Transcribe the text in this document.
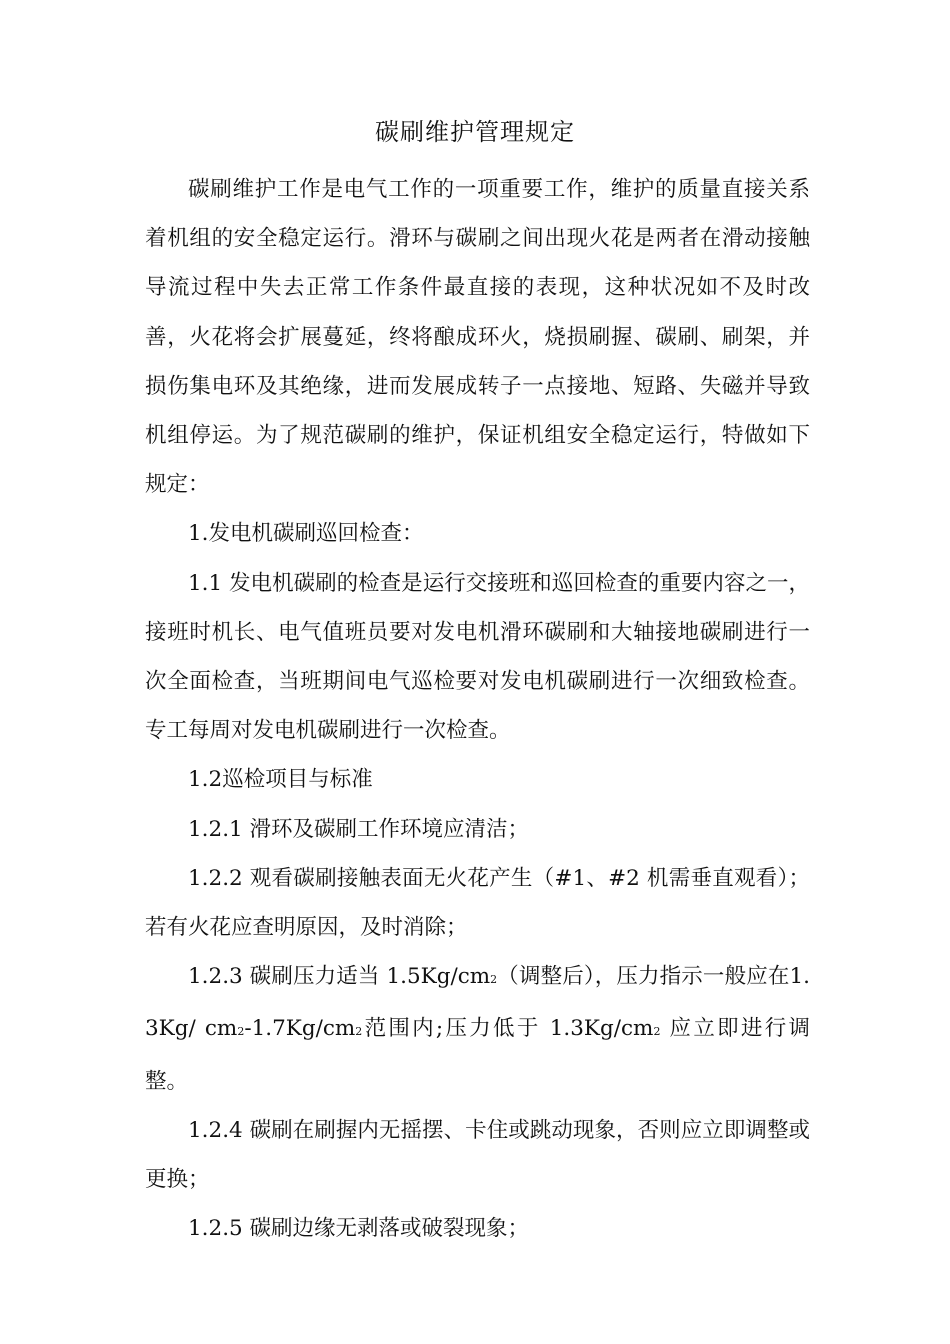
碳刷维护管理规定

碳刷维护工作是电气工作的一项重要工作，维护的质量直接关系着机组的安全稳定运行。滑环与碳刷之间出现火花是两者在滑动接触导流过程中失去正常工作条件最直接的表现，这种状况如不及时改善，火花将会扩展蔓延，终将酿成环火，烧损刷握、碳刷、刷架，并损伤集电环及其绝缘，进而发展成转子一点接地、短路、失磁并导致机组停运。为了规范碳刷的维护，保证机组安全稳定运行，特做如下规定：

1.发电机碳刷巡回检查：

1.1 发电机碳刷的检查是运行交接班和巡回检查的重要内容之一，接班时机长、电气值班员要对发电机滑环碳刷和大轴接地碳刷进行一次全面检查，当班期间电气巡检要对发电机碳刷进行一次细致检查。专工每周对发电机碳刷进行一次检查。

1.2巡检项目与标准

1.2.1 滑环及碳刷工作环境应清洁；

1.2.2 观看碳刷接触表面无火花产生（#1、#2 机需垂直观看）；若有火花应查明原因，及时消除；

1.2.3 碳刷压力适当 1.5Kg/cm2（调整后），压力指示一般应在1.3Kg/ cm2-1.7Kg/cm2范围内;压力低于 1.3Kg/cm2 应立即进行调整。

1.2.4 碳刷在刷握内无摇摆、卡住或跳动现象，否则应立即调整或更换；

1.2.5 碳刷边缘无剥落或破裂现象；
